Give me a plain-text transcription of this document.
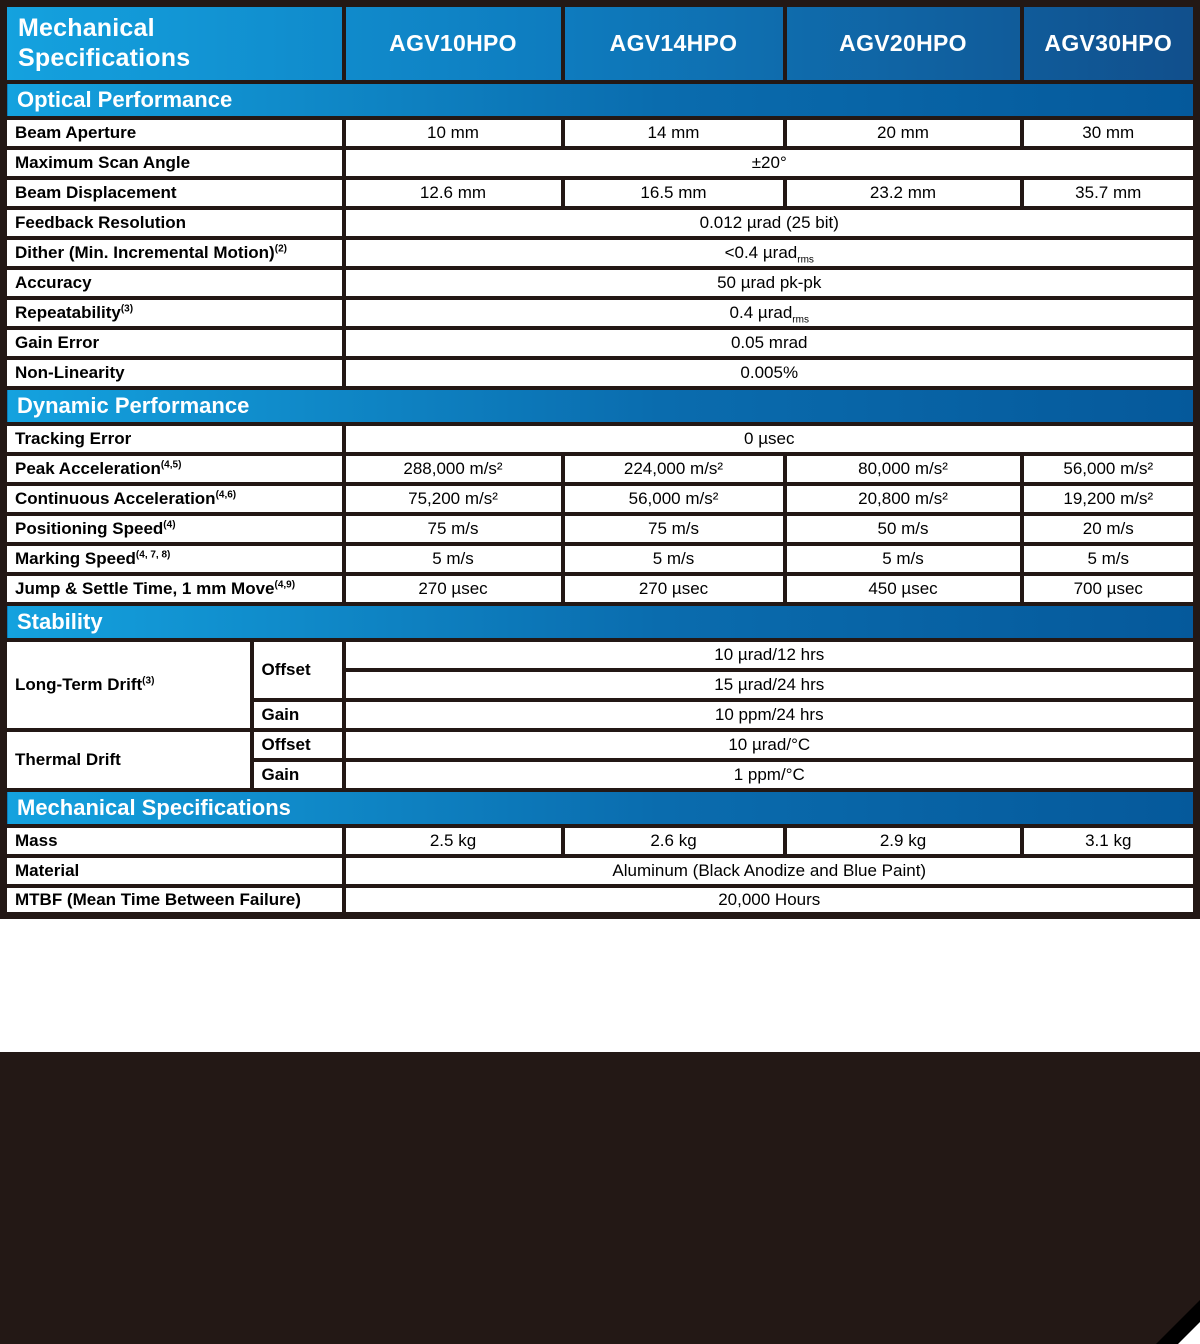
Mechanical Specifications		AGV10HPO	AGV14HPO	AGV20HPO	AGV30HPO
Optical Performance					
Beam Aperture		10 mm	14 mm	20 mm	30 mm
Maximum Scan Angle		±20°			
Beam Displacement		12.6 mm	16.5 mm	23.2 mm	35.7 mm
Feedback Resolution		0.012 µrad (25 bit)			
Dither (Min. Incremental Motion)$^{(2)}$		<0.4 µrad$_{rms}$
Accuracy		50 µrad pk-pk			
Repeatability$^{(3)}$		0.4 µrad$_{rms}$
Gain Error		0.05 mrad			
Non-Linearity		0.005%			
Dynamic Performance					
Tracking Error		0 µsec			
Peak Acceleration$^{(4,5)}$		288,000 m/s²	224,000 m/s²	80,000 m/s²	56,000 m/s²
Continuous Acceleration$^{(4,6)}$		75,200 m/s²	56,000 m/s²	20,800 m/s²	19,200 m/s²
Positioning Speed$^{(4)}$		75 m/s	75 m/s	50 m/s	20 m/s
Marking Speed$^{(4, 7, 8)}$		5 m/s	5 m/s	5 m/s	5 m/s
Jump & Settle Time, 1 mm Move$^{(4,9)}$		270 µsec	270 µsec	450 µsec	700 µsec
Stability					
Long-Term Drift$^{(3)}$	Offset	10 µrad/12 hrs			
		15 µrad/24 hrs			
	Gain	10 ppm/24 hrs			
Thermal Drift	Offset	10 µrad/°C			
	Gain	1 ppm/°C			
Mechanical Specifications					
Mass		2.5 kg	2.6 kg	2.9 kg	3.1 kg
Material		Aluminum (Black Anodize and Blue Paint)			
MTBF (Mean Time Between Failure)		20,000 Hours			
